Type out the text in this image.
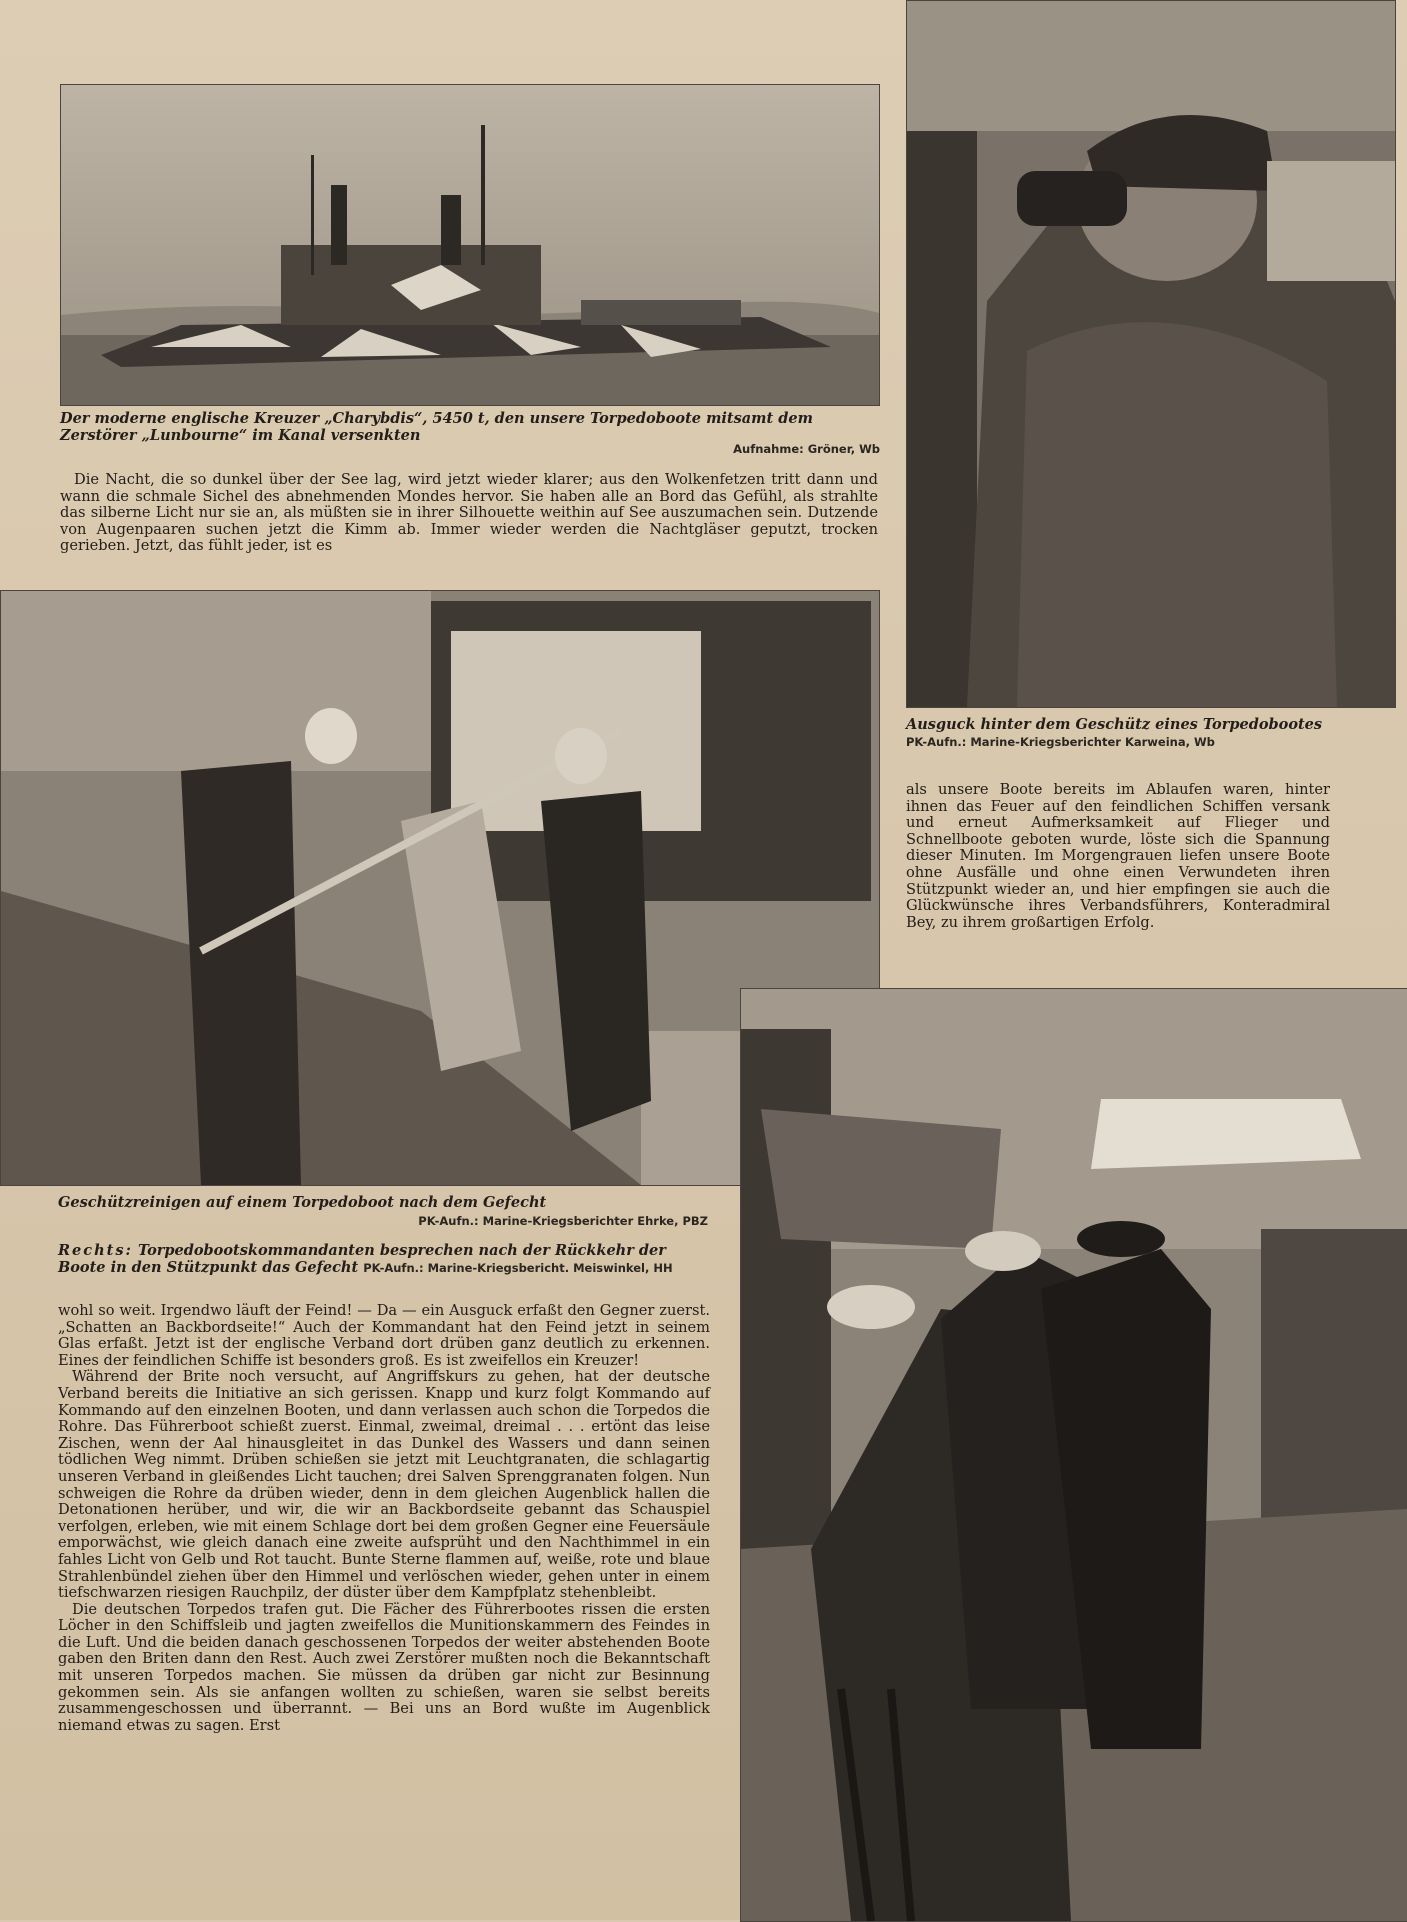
Der moderne englische Kreuzer „Charybdis“, 5450 t, den unsere Torpedoboote mitsamt dem Zerstörer „Lunbourne“ im Kanal versenkten

Aufnahme: Gröner, Wb

Die Nacht, die so dunkel über der See lag, wird jetzt wieder klarer; aus den Wolkenfetzen tritt dann und wann die schmale Sichel des abnehmenden Mondes hervor. Sie haben alle an Bord das Gefühl, als strahlte das silberne Licht nur sie an, als müßten sie in ihrer Silhouette weithin auf See auszumachen sein. Dutzende von Augenpaaren suchen jetzt die Kimm ab. Immer wieder werden die Nachtgläser geputzt, trocken gerieben. Jetzt, das fühlt jeder, ist es

Ausguck hinter dem Geschütz eines Torpedobootes PK-Aufn.: Marine-Kriegsberichter Karweina, Wb

als unsere Boote bereits im Ablaufen waren, hinter ihnen das Feuer auf den feindlichen Schiffen versank und erneut Aufmerksamkeit auf Flieger und Schnellboote geboten wurde, löste sich die Spannung dieser Minuten. Im Morgengrauen liefen unsere Boote ohne Ausfälle und ohne einen Verwundeten ihren Stützpunkt wieder an, und hier empfingen sie auch die Glückwünsche ihres Verbandsführers, Konteradmiral Bey, zu ihrem großartigen Erfolg.

Geschützreinigen auf einem Torpedoboot nach dem Gefecht

PK-Aufn.: Marine-Kriegsberichter Ehrke, PBZ

Rechts: Torpedobootskommandanten besprechen nach der Rückkehr der Boote in den Stützpunkt das Gefecht PK-Aufn.: Marine-Kriegsbericht. Meiswinkel, HH

wohl so weit. Irgendwo läuft der Feind! — Da — ein Ausguck erfaßt den Gegner zuerst. „Schatten an Backbordseite!“ Auch der Kommandant hat den Feind jetzt in seinem Glas erfaßt. Jetzt ist der englische Verband dort drüben ganz deutlich zu erkennen. Eines der feindlichen Schiffe ist besonders groß. Es ist zweifellos ein Kreuzer!

Während der Brite noch versucht, auf Angriffskurs zu gehen, hat der deutsche Verband bereits die Initiative an sich gerissen. Knapp und kurz folgt Kommando auf Kommando auf den einzelnen Booten, und dann verlassen auch schon die Torpedos die Rohre. Das Führerboot schießt zuerst. Einmal, zweimal, dreimal . . . ertönt das leise Zischen, wenn der Aal hinausgleitet in das Dunkel des Wassers und dann seinen tödlichen Weg nimmt. Drüben schießen sie jetzt mit Leuchtgranaten, die schlagartig unseren Verband in gleißendes Licht tauchen; drei Salven Sprenggranaten folgen. Nun schweigen die Rohre da drüben wieder, denn in dem gleichen Augenblick hallen die Detonationen herüber, und wir, die wir an Backbordseite gebannt das Schauspiel verfolgen, erleben, wie mit einem Schlage dort bei dem großen Gegner eine Feuersäule emporwächst, wie gleich danach eine zweite aufsprüht und den Nachthimmel in ein fahles Licht von Gelb und Rot taucht. Bunte Sterne flammen auf, weiße, rote und blaue Strahlenbündel ziehen über den Himmel und verlöschen wieder, gehen unter in einem tiefschwarzen riesigen Rauchpilz, der düster über dem Kampfplatz stehenbleibt.

Die deutschen Torpedos trafen gut. Die Fächer des Führerbootes rissen die ersten Löcher in den Schiffsleib und jagten zweifellos die Munitionskammern des Feindes in die Luft. Und die beiden danach geschossenen Torpedos der weiter abstehenden Boote gaben den Briten dann den Rest. Auch zwei Zerstörer mußten noch die Bekanntschaft mit unseren Torpedos machen. Sie müssen da drüben gar nicht zur Besinnung gekommen sein. Als sie anfangen wollten zu schießen, waren sie selbst bereits zusammengeschossen und überrannt. — Bei uns an Bord wußte im Augenblick niemand etwas zu sagen. Erst
